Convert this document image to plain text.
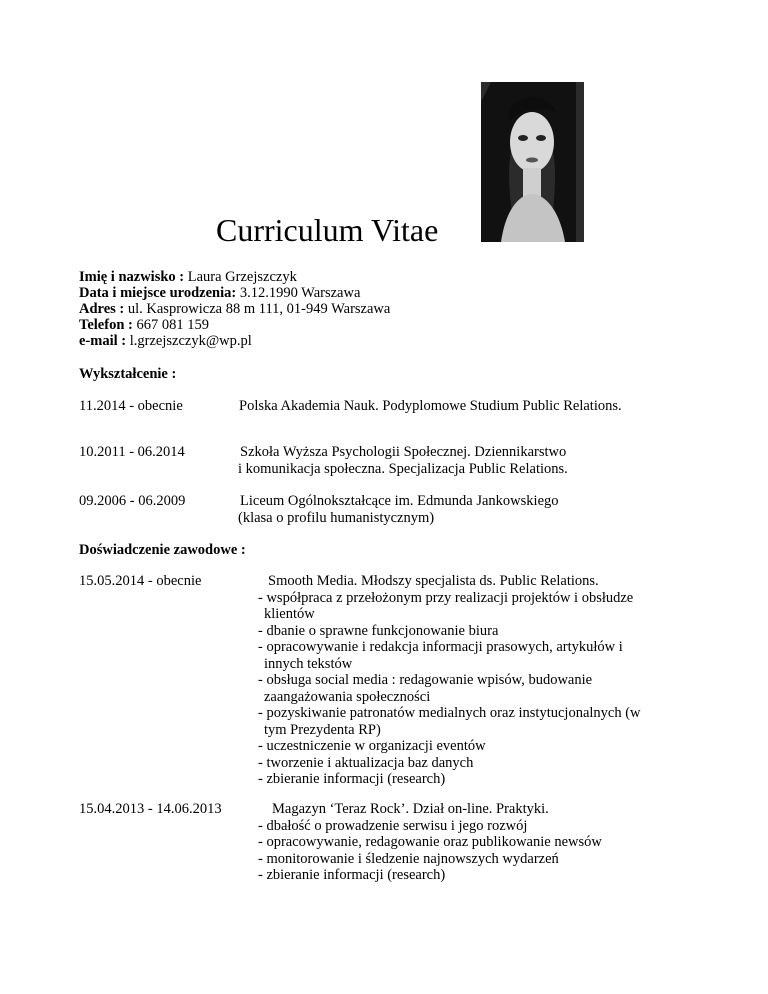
Curriculum Vitae
Imię i nazwisko : Laura Grzejszczyk
Data i miejsce urodzenia: 3.12.1990 Warszawa
Adres : ul. Kasprowicza 88 m 111, 01-949 Warszawa
Telefon : 667 081 159
e-mail : l.grzejszczyk@wp.pl
Wykształcenie :
11.2014 - obecnie	Polska Akademia Nauk. Podyplomowe Studium Public Relations.
10.2011 - 06.2014	Szkoła Wyższa Psychologii Społecznej. Dziennikarstwo
i komunikacja społeczna. Specjalizacja Public Relations.
09.2006 - 06.2009	Liceum Ogólnokształcące im. Edmunda Jankowskiego
(klasa o profilu humanistycznym)
Doświadczenie zawodowe :
15.05.2014 - obecnie	Smooth Media. Młodszy specjalista ds. Public Relations.
- współpraca z przełożonym przy realizacji projektów i obsłudze
klientów
- dbanie o sprawne funkcjonowanie biura
- opracowywanie i redakcja informacji prasowych, artykułów i
innych tekstów
- obsługa social media : redagowanie wpisów, budowanie
zaangażowania społeczności
- pozyskiwanie patronatów medialnych oraz instytucjonalnych (w
tym Prezydenta RP)
- uczestniczenie w organizacji eventów
- tworzenie i aktualizacja baz danych
- zbieranie informacji (research)
15.04.2013 - 14.06.2013	Magazyn ‘Teraz Rock’. Dział on-line. Praktyki.
- dbałość o prowadzenie serwisu i jego rozwój
- opracowywanie, redagowanie oraz publikowanie newsów
- monitorowanie i śledzenie najnowszych wydarzeń
- zbieranie informacji (research)
